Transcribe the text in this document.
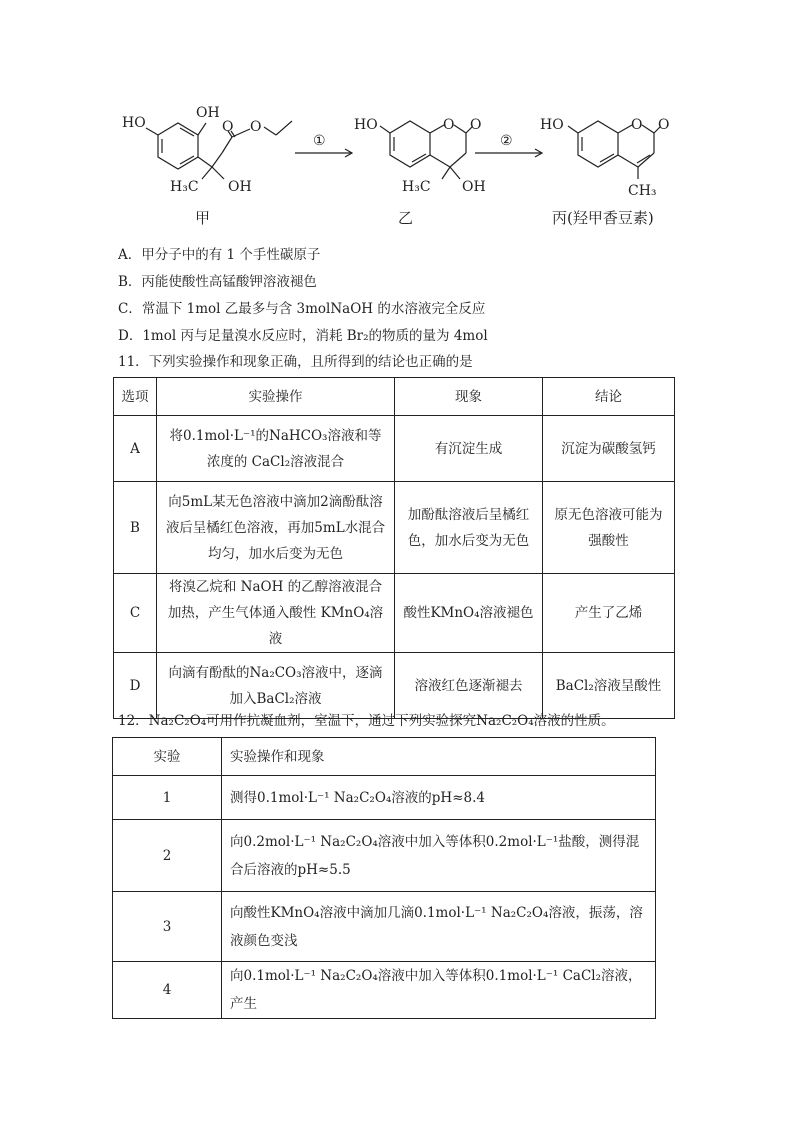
HO
OH
O O
H₃C OH
HO	O O
H₃C OH
HO	O O
CH₃
①	②
甲	乙	丙(羟甲香豆素)
A．甲分子中的有 1 个手性碳原子
B．丙能使酸性高锰酸钾溶液褪色
C．常温下 1mol 乙最多与含 3molNaOH 的水溶液完全反应
D．1mol 丙与足量溴水反应时，消耗 Br₂的物质的量为 4mol
11．下列实验操作和现象正确，且所得到的结论也正确的是
选项	实验操作	现象	结论
A	将0.1mol·L⁻¹的NaHCO₃溶液和等浓度的 CaCl₂溶液混合	有沉淀生成	沉淀为碳酸氢钙
B	向5mL某无色溶液中滴加2滴酚酞溶液后呈橘红色溶液，再加5mL水混合均匀，加水后变为无色	加酚酞溶液后呈橘红色，加水后变为无色	原无色溶液可能为强酸性
C	将溴乙烷和 NaOH 的乙醇溶液混合加热，产生气体通入酸性 KMnO₄溶液	酸性KMnO₄溶液褪色	产生了乙烯
D	向滴有酚酞的Na₂CO₃溶液中，逐滴加入BaCl₂溶液	溶液红色逐渐褪去	BaCl₂溶液呈酸性
12．Na₂C₂O₄可用作抗凝血剂，室温下，通过下列实验探究Na₂C₂O₄溶液的性质。
实验	实验操作和现象
1	测得0.1mol·L⁻¹ Na₂C₂O₄溶液的pH≈8.4
2	向0.2mol·L⁻¹ Na₂C₂O₄溶液中加入等体积0.2mol·L⁻¹盐酸，测得混合后溶液的pH≈5.5
3	向酸性KMnO₄溶液中滴加几滴0.1mol·L⁻¹ Na₂C₂O₄溶液，振荡，溶液颜色变浅
4	向0.1mol·L⁻¹ Na₂C₂O₄溶液中加入等体积0.1mol·L⁻¹ CaCl₂溶液，产生
